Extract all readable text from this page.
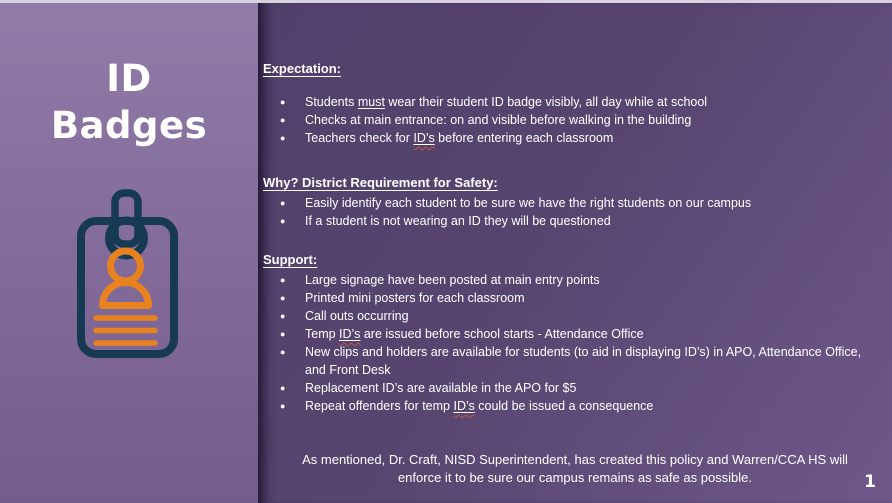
ID
Badges
Expectation:
●	Students must wear their student ID badge visibly, all day while at school
●	Checks at main entrance: on and visible before walking in the building
●	Teachers check for ID’s before entering each classroom
Why? District Requirement for Safety:
●	Easily identify each student to be sure we have the right students on our campus
●	If a student is not wearing an ID they will be questioned
Support:
●	Large signage have been posted at main entry points
●	Printed mini posters for each classroom
●	Call outs occurring
●	Temp ID’s are issued before school starts - Attendance Office
●	New clips and holders are available for students (to aid in displaying ID’s) in APO, Attendance Office, and Front Desk
●	Replacement ID’s are available in the APO for $5
●	Repeat offenders for temp ID’s could be issued a consequence
As mentioned, Dr. Craft, NISD Superintendent, has created this policy and Warren/CCA HS will enforce it to be sure our campus remains as safe as possible.	1
